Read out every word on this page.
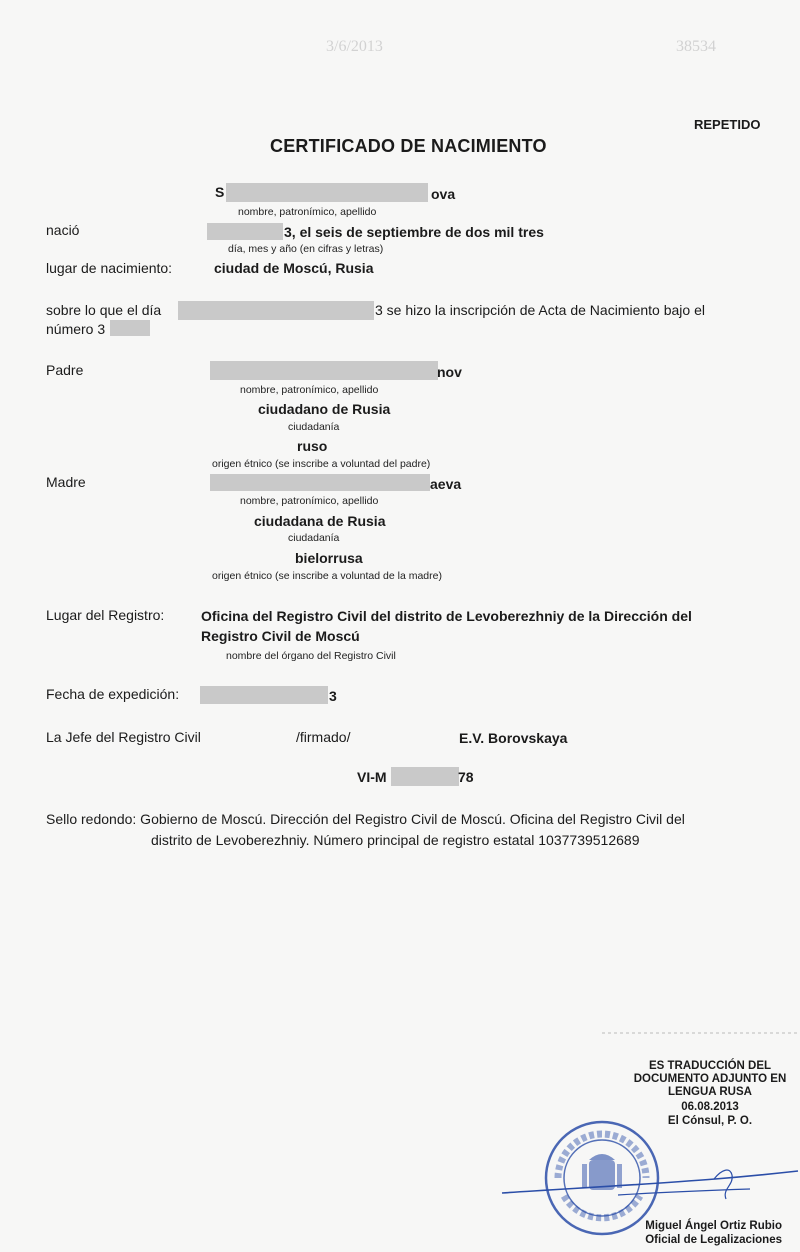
3/6/2013	38534
REPETIDO
CERTIFICADO DE NACIMIENTO
S	ova
nombre, patronímico, apellido
nació	3, el seis de septiembre de dos mil tres
día, mes y año (en cifras y letras)
lugar de nacimiento:	ciudad de Moscú, Rusia
sobre lo que el día	3 se hizo la inscripción de Acta de Nacimiento bajo el
número 3
Padre	nov
nombre, patronímico, apellido
ciudadano de Rusia
ciudadanía
ruso
origen étnico (se inscribe a voluntad del padre)
Madre	aeva
nombre, patronímico, apellido
ciudadana de Rusia
ciudadanía
bielorrusa
origen étnico (se inscribe a voluntad de la madre)
Lugar del Registro:	Oficina del Registro Civil del distrito de Levoberezhniy de la Dirección del
Registro Civil de Moscú
nombre del órgano del Registro Civil
Fecha de expedición:	3
La Jefe del Registro Civil	/firmado/	E.V. Borovskaya
VI-M	78
Sello redondo: Gobierno de Moscú. Dirección del Registro Civil de Moscú. Oficina del Registro Civil del
distrito de Levoberezhniy. Número principal de registro estatal 1037739512689
ES TRADUCCIÓN DEL
DOCUMENTO ADJUNTO EN
LENGUA RUSA
06.08.2013
El Cónsul, P. O.
Miguel Ángel Ortiz Rubio
Oficial de Legalizaciones
